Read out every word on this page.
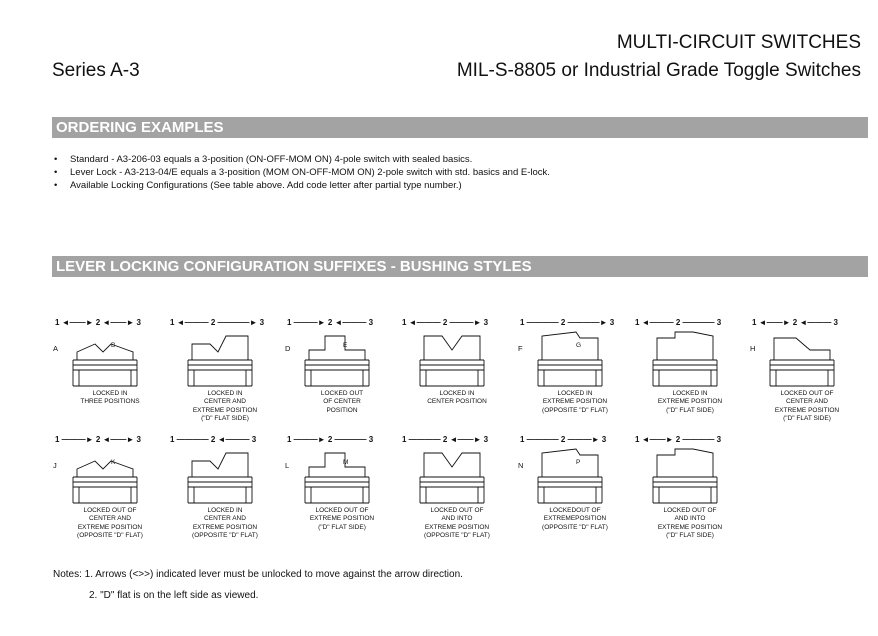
Series A-3
MULTI-CIRCUIT SWITCHES
MIL-S-8805 or Industrial Grade Toggle Switches
ORDERING EXAMPLES
• Standard - A3-206-03 equals a 3-position (ON-OFF-MOM ON) 4-pole switch with sealed basics.
• Lever Lock - A3-213-04/E equals a 3-position (MOM ON-OFF-MOM ON) 2-pole switch with std. basics and E-lock.
• Available Locking Configurations (See table above. Add code letter after partial type number.)
LEVER LOCKING CONFIGURATION SUFFIXES - BUSHING STYLES
1 ◄——► 2 ◄——► 3
A	B
LOCKED IN
THREE POSITIONS
1 ◄——— 2 ————► 3
LOCKED IN
CENTER AND
EXTREME POSITION
("D" FLAT SIDE)
1 ———► 2 ◄——— 3
D	E
LOCKED OUT
OF CENTER
POSITION
1 ◄——— 2 ———► 3
LOCKED IN
CENTER POSITION
1 ———— 2 ————► 3
F	G
LOCKED IN
EXTREME POSITION
(OPPOSITE "D" FLAT)
1 ◄——— 2 ———— 3
LOCKED IN
EXTREME POSITION
("D" FLAT SIDE)
1 ◄——► 2 ◄——— 3
H
LOCKED OUT OF
CENTER AND
EXTREME POSITION
("D" FLAT SIDE)
1 ———► 2 ◄——► 3
J	K
LOCKED OUT OF
CENTER AND
EXTREME POSITION
(OPPOSITE "D" FLAT)
1 ———— 2 ◄——— 3
LOCKED IN
CENTER AND
EXTREME POSITION
(OPPOSITE "D" FLAT)
1 ———► 2 ———— 3
L	M
LOCKED OUT OF
EXTREME POSITION
("D" FLAT SIDE)
1 ———— 2 ◄——► 3
LOCKED OUT OF
AND INTO
EXTREME POSITION
(OPPOSITE "D" FLAT)
1 ———— 2 ———► 3
N	P
LOCKEDOUT OF
EXTREMEPOSITION
(OPPOSITE "D" FLAT)
1 ◄——► 2 ———— 3
LOCKED OUT OF
AND INTO
EXTREME POSITION
("D" FLAT SIDE)
Notes: 1. Arrows (<>>) indicated lever must be unlocked to move against the arrow direction.
2. "D" flat is on the left side as viewed.
